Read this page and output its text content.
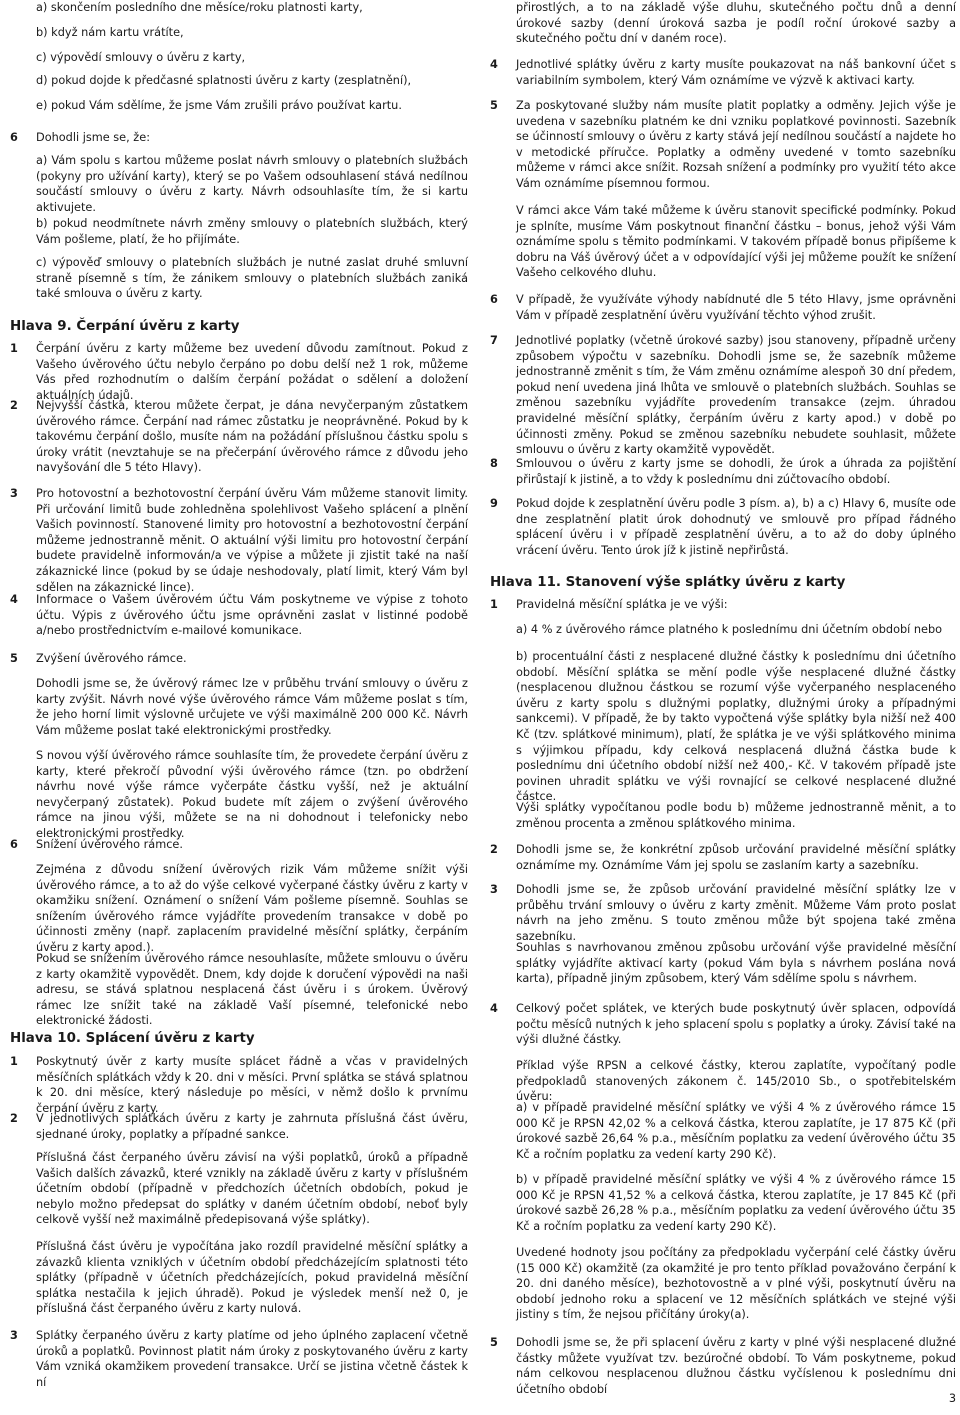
a) skončením posledního dne měsíce/roku platnosti karty,

b) když nám kartu vrátíte,

c) výpovědí smlouvy o úvěru z karty,

d) pokud dojde k předčasné splatnosti úvěru z karty (zesplatnění),

e) pokud Vám sdělíme, že jsme Vám zrušili právo používat kartu.

6 Dohodli jsme se, že:

a) Vám spolu s kartou můžeme poslat návrh smlouvy o platebních službách (pokyny pro užívání karty), který se po Vašem odsouhlasení stává nedílnou součástí smlouvy o úvěru z karty. Návrh odsouhlasíte tím, že si kartu aktivujete.

b) pokud neodmítnete návrh změny smlouvy o platebních službách, který Vám pošleme, platí, že ho přijímáte.

c) výpověď smlouvy o platebních službách je nutné zaslat druhé smluvní straně písemně s tím, že zánikem smlouvy o platebních službách zaniká také smlouva o úvěru z karty.

Hlava 9. Čerpání úvěru z karty
1 Čerpání úvěru z karty můžeme bez uvedení důvodu zamítnout. Pokud z Vašeho úvěrového účtu nebylo čerpáno po dobu delší než 1 rok, můžeme Vás před rozhodnutím o dalším čerpání požádat o sdělení a doložení aktuálních údajů.

2 Nejvyšší částka, kterou můžete čerpat, je dána nevyčerpaným zůstatkem úvěrového rámce. Čerpání nad rámec zůstatku je neoprávněné. Pokud by k takovému čerpání došlo, musíte nám na požádání příslušnou částku spolu s úroky vrátit (nevztahuje se na přečerpání úvěrového rámce z důvodu jeho navyšování dle 5 této Hlavy).

3 Pro hotovostní a bezhotovostní čerpání úvěru Vám můžeme stanovit limity. Při určování limitů bude zohledněna spolehlivost Vašeho splácení a plnění Vašich povinností. Stanovené limity pro hotovostní a bezhotovostní čerpání můžeme jednostranně měnit. O aktuální výši limitu pro hotovostní čerpání budete pravidelně informován/a ve výpise a můžete ji zjistit také na naší zákaznické lince (pokud by se údaje neshodovaly, platí limit, který Vám byl sdělen na zákaznické lince).

4 Informace o Vašem úvěrovém účtu Vám poskytneme ve výpise z tohoto účtu. Výpis z úvěrového účtu jsme oprávněni zaslat v listinné podobě a/nebo prostřednictvím e-mailové komunikace.

5 Zvýšení úvěrového rámce.

Dohodli jsme se, že úvěrový rámec lze v průběhu trvání smlouvy o úvěru z karty zvýšit. Návrh nové výše úvěrového rámce Vám můžeme poslat s tím, že jeho horní limit výslovně určujete ve výši maximálně 200 000 Kč. Návrh Vám můžeme poslat také elektronickými prostředky.

S novou výší úvěrového rámce souhlasíte tím, že provedete čerpání úvěru z karty, které překročí původní výši úvěrového rámce (tzn. po obdržení návrhu nové výše rámce vyčerpáte částku vyšší, než je aktuální nevyčerpaný zůstatek). Pokud budete mít zájem o zvýšení úvěrového rámce na jinou výši, můžete se na ni dohodnout i telefonicky nebo elektronickými prostředky.

6 Snížení úvěrového rámce.

Zejména z důvodu snížení úvěrových rizik Vám můžeme snížit výši úvěrového rámce, a to až do výše celkové vyčerpané částky úvěru z karty v okamžiku snížení. Oznámení o snížení Vám pošleme písemně. Souhlas se snížením úvěrového rámce vyjádříte provedením transakce v době po účinnosti změny (např. zaplacením pravidelné měsíční splátky, čerpáním úvěru z karty apod.).

Pokud se snížením úvěrového rámce nesouhlasíte, můžete smlouvu o úvěru z karty okamžitě vypovědět. Dnem, kdy dojde k doručení výpovědi na naši adresu, se stává splatnou nesplacená část úvěru i s úrokem. Úvěrový rámec lze snížit také na základě Vaší písemné, telefonické nebo elektronické žádosti.

Hlava 10. Splácení úvěru z karty
1 Poskytnutý úvěr z karty musíte splácet řádně a včas v pravidelných měsíčních splátkách vždy k 20. dni v měsíci. První splátka se stává splatnou k 20. dni měsíce, který následuje po měsíci, v němž došlo k prvnímu čerpání úvěru z karty.

2 V jednotlivých splátkách úvěru z karty je zahrnuta příslušná část úvěru, sjednané úroky, poplatky a případné sankce.

Příslušná část čerpaného úvěru závisí na výši poplatků, úroků a případně Vašich dalších závazků, které vznikly na základě úvěru z karty v příslušném účetním období (případně v předchozích účetních obdobích, pokud je nebylo možno předepsat do splátky v daném účetním období, neboť byly celkově vyšší než maximálně předepisovaná výše splátky).

Příslušná část úvěru je vypočítána jako rozdíl pravidelné měsíční splátky a závazků klienta vzniklých v účetním období předcházejícím splatnosti této splátky (případně v účetních předcházejících, pokud pravidelná měsíční splátka nestačila k jejich úhradě). Pokud je výsledek menší než 0, je příslušná část čerpaného úvěru z karty nulová.

3 Splátky čerpaného úvěru z karty platíme od jeho úplného zaplacení včetně úroků a poplatků. Povinnost platit nám úroky z poskytovaného úvěru z karty Vám vzniká okamžikem provedení transakce. Určí se jistina včetně částek k ní

přirostlých, a to na základě výše dluhu, skutečného počtu dnů a denní úrokové sazby (denní úroková sazba je podíl roční úrokové sazby a skutečného počtu dní v daném roce).

4 Jednotlivé splátky úvěru z karty musíte poukazovat na náš bankovní účet s variabilním symbolem, který Vám oznámíme ve výzvě k aktivaci karty.

5 Za poskytované služby nám musíte platit poplatky a odměny. Jejich výše je uvedena v sazebníku platném ke dni vzniku poplatkové povinnosti. Sazebník se účinností smlouvy o úvěru z karty stává její nedílnou součástí a najdete ho v metodické příručce. Poplatky a odměny uvedené v tomto sazebníku můžeme v rámci akce snížit. Rozsah snížení a podmínky pro využití této akce Vám oznámíme písemnou formou.

V rámci akce Vám také můžeme k úvěru stanovit specifické podmínky. Pokud je splníte, musíme Vám poskytnout finanční částku – bonus, jehož výši Vám oznámíme spolu s těmito podmínkami. V takovém případě bonus připíšeme k dobru na Váš úvěrový účet a v odpovídající výši jej můžeme použít ke snížení Vašeho celkového dluhu.

6 V případě, že využíváte výhody nabídnuté dle 5 této Hlavy, jsme oprávněni Vám v případě zesplatnění úvěru využívání těchto výhod zrušit.

7 Jednotlivé poplatky (včetně úrokové sazby) jsou stanoveny, případně určeny způsobem výpočtu v sazebníku. Dohodli jsme se, že sazebník můžeme jednostranně změnit s tím, že Vám změnu oznámíme alespoň 30 dní předem, pokud není uvedena jiná lhůta ve smlouvě o platebních službách. Souhlas se změnou sazebníku vyjádříte provedením transakce (zejm. úhradou pravidelné měsíční splátky, čerpáním úvěru z karty apod.) v době po účinnosti změny. Pokud se změnou sazebníku nebudete souhlasit, můžete smlouvu o úvěru z karty okamžitě vypovědět.

8 Smlouvou o úvěru z karty jsme se dohodli, že úrok a úhrada za pojištění přirůstají k jistině, a to vždy k poslednímu dni zúčtovacího období.

9 Pokud dojde k zesplatnění úvěru podle 3 písm. a), b) a c) Hlavy 6, musíte ode dne zesplatnění platit úrok dohodnutý ve smlouvě pro případ řádného splácení úvěru i v případě zesplatnění úvěru, a to až do doby úplného vrácení úvěru. Tento úrok jíž k jistině nepřirůstá.

Hlava 11. Stanovení výše splátky úvěru z karty
1 Pravidelná měsíční splátka je ve výši:

a) 4 % z úvěrového rámce platného k poslednímu dni účetním období nebo

b) procentuální části z nesplacené dlužné částky k poslednímu dni účetního období. Měsíční splátka se mění podle výše nesplacené dlužné částky (nesplacenou dlužnou částkou se rozumí výše vyčerpaného nesplaceného úvěru z karty spolu s dlužnými poplatky, dlužnými úroky a případnými sankcemi). V případě, že by takto vypočtená výše splátky byla nižší než 400 Kč (tzv. splátkové minimum), platí, že splátka je ve výši splátkového minima s výjimkou případu, kdy celková nesplacená dlužná částka bude k poslednímu dni účetního období nižší než 400,- Kč. V takovém případě jste povinen uhradit splátku ve výši rovnající se celkové nesplacené dlužné částce.

Výši splátky vypočítanou podle bodu b) můžeme jednostranně měnit, a to změnou procenta a změnou splátkového minima.

2 Dohodli jsme se, že konkrétní způsob určování pravidelné měsíční splátky oznámíme my. Oznámíme Vám jej spolu se zaslaním karty a sazebníku.

3 Dohodli jsme se, že způsob určování pravidelné měsíční splátky lze v průběhu trvání smlouvy o úvěru z karty změnit. Můžeme Vám proto poslat návrh na jeho změnu. S touto změnou může být spojena také změna sazebníku.

Souhlas s navrhovanou změnou způsobu určování výše pravidelné měsíční splátky vyjádříte aktivací karty (pokud Vám byla s návrhem poslána nová karta), případně jiným způsobem, který Vám sdělíme spolu s návrhem.

4 Celkový počet splátek, ve kterých bude poskytnutý úvěr splacen, odpovídá počtu měsíců nutných k jeho splacení spolu s poplatky a úroky. Závisí také na výši dlužné částky.

Příklad výše RPSN a celkové částky, kterou zaplatíte, vypočítaný podle předpokladů stanovených zákonem č. 145/2010 Sb., o spotřebitelském úvěru:

a) v případě pravidelné měsíční splátky ve výši 4 % z úvěrového rámce 15 000 Kč je RPSN 42,02 % a celková částka, kterou zaplatíte, je 17 875 Kč (při úrokové sazbě 26,64 % p.a., měsíčním poplatku za vedení úvěrového účtu 35 Kč a ročním poplatku za vedení karty 290 Kč).

b) v případě pravidelné měsíční splátky ve výši 4 % z úvěrového rámce 15 000 Kč je RPSN 41,52 % a celková částka, kterou zaplatíte, je 17 845 Kč (při úrokové sazbě 26,28 % p.a., měsíčním poplatku za vedení úvěrového účtu 35 Kč a ročním poplatku za vedení karty 290 Kč).

Uvedené hodnoty jsou počítány za předpokladu vyčerpání celé částky úvěru (15 000 Kč) okamžitě (za okamžité je pro tento příklad považováno čerpání k 20. dni daného měsíce), bezhotovostně a v plné výši, poskytnutí úvěru na období jednoho roku a splacení ve 12 měsíčních splátkách ve stejné výši jistiny s tím, že nejsou přičítány úroky(a).

5 Dohodli jsme se, že při splacení úvěru z karty v plné výši nesplacené dlužné částky můžete využívat tzv. bezúročné období. To Vám poskytneme, pokud nám celkovou nesplacenou dlužnou částku vyčíslenou k poslednímu dni účetního období

3
